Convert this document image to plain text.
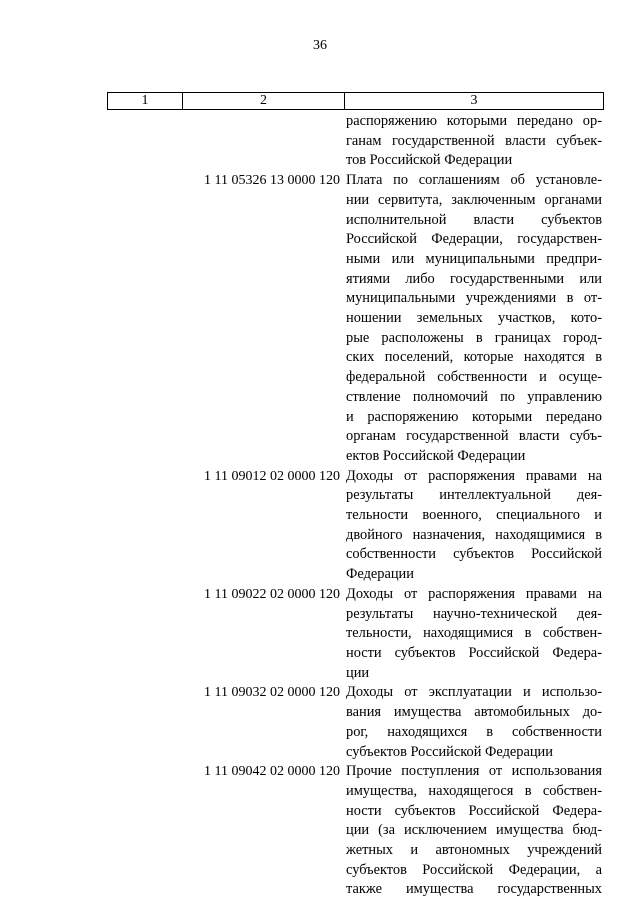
36
1	2	3
распоряжению которыми передано ор-
ганам государственной власти субъек-
тов Российской Федерации
1 11 05326 13 0000 120 Плата по соглашениям об установле-
нии сервитута, заключенным органами
исполнительной власти субъектов
Российской Федерации, государствен-
ными или муниципальными предпри-
ятиями либо государственными или
муниципальными учреждениями в от-
ношении земельных участков, кото-
рые расположены в границах город-
ских поселений, которые находятся в
федеральной собственности и осуще-
ствление полномочий по управлению
и распоряжению которыми передано
органам государственной власти субъ-
ектов Российской Федерации
1 11 09012 02 0000 120 Доходы от распоряжения правами на
результаты интеллектуальной дея-
тельности военного, специального и
двойного назначения, находящимися в
собственности субъектов Российской
Федерации
1 11 09022 02 0000 120 Доходы от распоряжения правами на
результаты научно-технической дея-
тельности, находящимися в собствен-
ности субъектов Российской Федера-
ции
1 11 09032 02 0000 120 Доходы от эксплуатации и использо-
вания имущества автомобильных до-
рог, находящихся в собственности
субъектов Российской Федерации
1 11 09042 02 0000 120 Прочие поступления от использования
имущества, находящегося в собствен-
ности субъектов Российской Федера-
ции (за исключением имущества бюд-
жетных и автономных учреждений
субъектов Российской Федерации, а
также имущества государственных
